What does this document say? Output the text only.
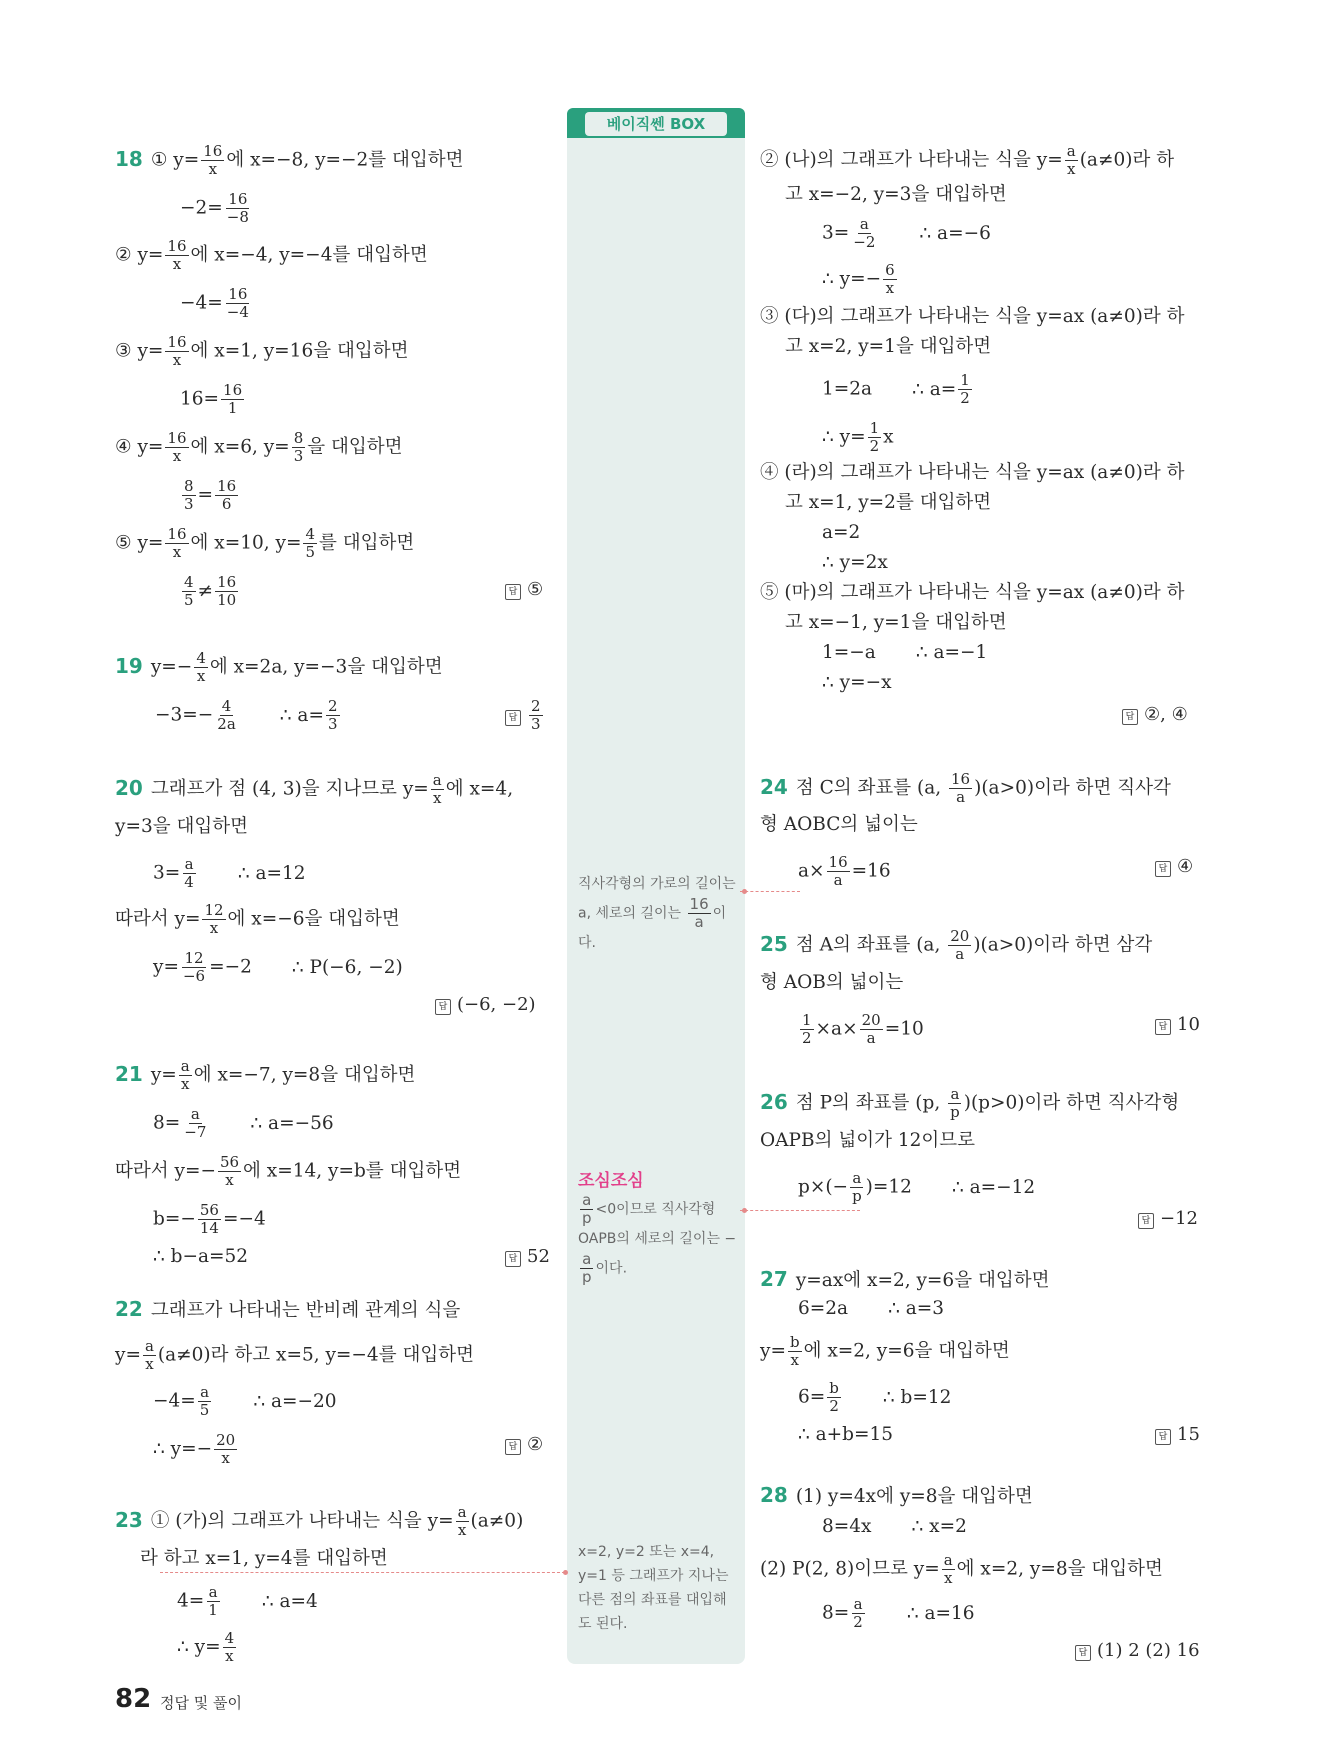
베이직쎈 BOX
18 ① $y= \frac{16}{x}$ 에 x=−8, y=−2를 대입하면
$-2= \frac{16}{-8}$
② $y= \frac{16}{x}$ 에 x=−4, y=−4를 대입하면
$-4= \frac{16}{-4}$
③ $y= \frac{16}{x}$ 에 x=1, y=16을 대입하면
$16= \frac{16}{1}$
④ $y= \frac{16}{x}$ 에 x=6, $y= \frac{8}{3}$ 을 대입하면
$\frac{8}{3} = \frac{16}{6}$
⑤ $y= \frac{16}{x}$ 에 x=10, $y= \frac{4}{5}$ 를 대입하면
$\frac{4}{5} \ne \frac{16}{10}$	답 ⑤
19 $y=- \frac{4}{x}$ 에 x=2a, y=−3을 대입하면
$-3=- \frac{4}{2a}$ ∴ $a= \frac{2}{3}$	답 $\frac{2}{3}$
20 그래프가 점 (4, 3)을 지나므로 $y= \frac{a}{x}$ 에 x=4,
y=3을 대입하면
$3= \frac{a}{4}$ ∴ a=12
따라서 $y= \frac{12}{x}$ 에 x=−6을 대입하면
$y= \frac{12}{-6} =-2$ ∴ P(−6, −2)
답 (−6, −2)
21 $y= \frac{a}{x}$ 에 x=−7, y=8을 대입하면
$8= \frac{a}{-7}$ ∴ a=−56
따라서 $y=- \frac{56}{x}$ 에 x=14, y=b를 대입하면
$b=- \frac{56}{14} =-4$
∴ b−a=52	답 52
22 그래프가 나타내는 반비례 관계의 식을
$y= \frac{a}{x} (a\ne 0)$라 하고 x=5, y=−4를 대입하면
$-4= \frac{a}{5}$ ∴ a=−20
∴ $y=- \frac{20}{x}$	답 ②
23 ① (가)의 그래프가 나타내는 식을 $y= \frac{a}{x} (a\ne 0)$
라 하고 x=1, y=4를 대입하면
$4= \frac{a}{1}$ ∴ a=4
∴ $y= \frac{4}{x}$
② (나)의 그래프가 나타내는 식을 $y= \frac{a}{x} (a\ne 0)$라 하
고 x=−2, y=3을 대입하면
$3= \frac{a}{-2}$ ∴ a=−6
∴ $y=- \frac{6}{x}$
③ (다)의 그래프가 나타내는 식을 y=ax (a≠0)라 하
고 x=2, y=1을 대입하면
1=2a ∴ $a= \frac{1}{2}$
∴ $y= \frac{1}{2}$ x
④ (라)의 그래프가 나타내는 식을 y=ax (a≠0)라 하
고 x=1, y=2를 대입하면
a=2
∴ y=2x
⑤ (마)의 그래프가 나타내는 식을 y=ax (a≠0)라 하
고 x=−1, y=1을 대입하면
1=−a ∴ a=−1
∴ y=−x
답 ②, ④
24 점 C의 좌표를 (a, $\frac{16}{a} )(a>0)$이라 하면 직사각
형 AOBC의 넓이는
$a\times \frac{16}{a} =16$	답 ④
25 점 A의 좌표를 (a, $\frac{20}{a} )(a>0)$이라 하면 삼각
형 AOB의 넓이는
$\frac{1}{2} \times a\times \frac{20}{a} =10$	답 10
26 점 P의 좌표를 (p, $\frac{a}{p} )(p>0)$이라 하면 직사각형
OAPB의 넓이가 12이므로
$p\times(- \frac{a}{p} )=12$ ∴ a=−12
답 −12
27 y=ax에 x=2, y=6을 대입하면
6=2a ∴ a=3
$y= \frac{b}{x}$ 에 x=2, y=6을 대입하면
$6= \frac{b}{2}$ ∴ b=12
∴ a+b=15	답 15
28 (1) y=4x에 y=8을 대입하면
8=4x ∴ x=2
(2) P(2, 8)이므로 $y= \frac{a}{x}$ 에 x=2, y=8을 대입하면
$8= \frac{a}{2}$ ∴ a=16
답 (1) 2 (2) 16
직사각형의 가로의 길이는 a, 세로의 길이는 $\frac{16}{a}$ 이다.
조심조심
$\frac{a}{p} <0$이므로 직사각형 OAPB의 세로의 길이는 −
$\frac{a}{p}$ 이다.
x=2, y=2 또는 x=4, y=1 등 그래프가 지나는 다른 점의 좌표를 대입해도 된다.
82 정답 및 풀이
